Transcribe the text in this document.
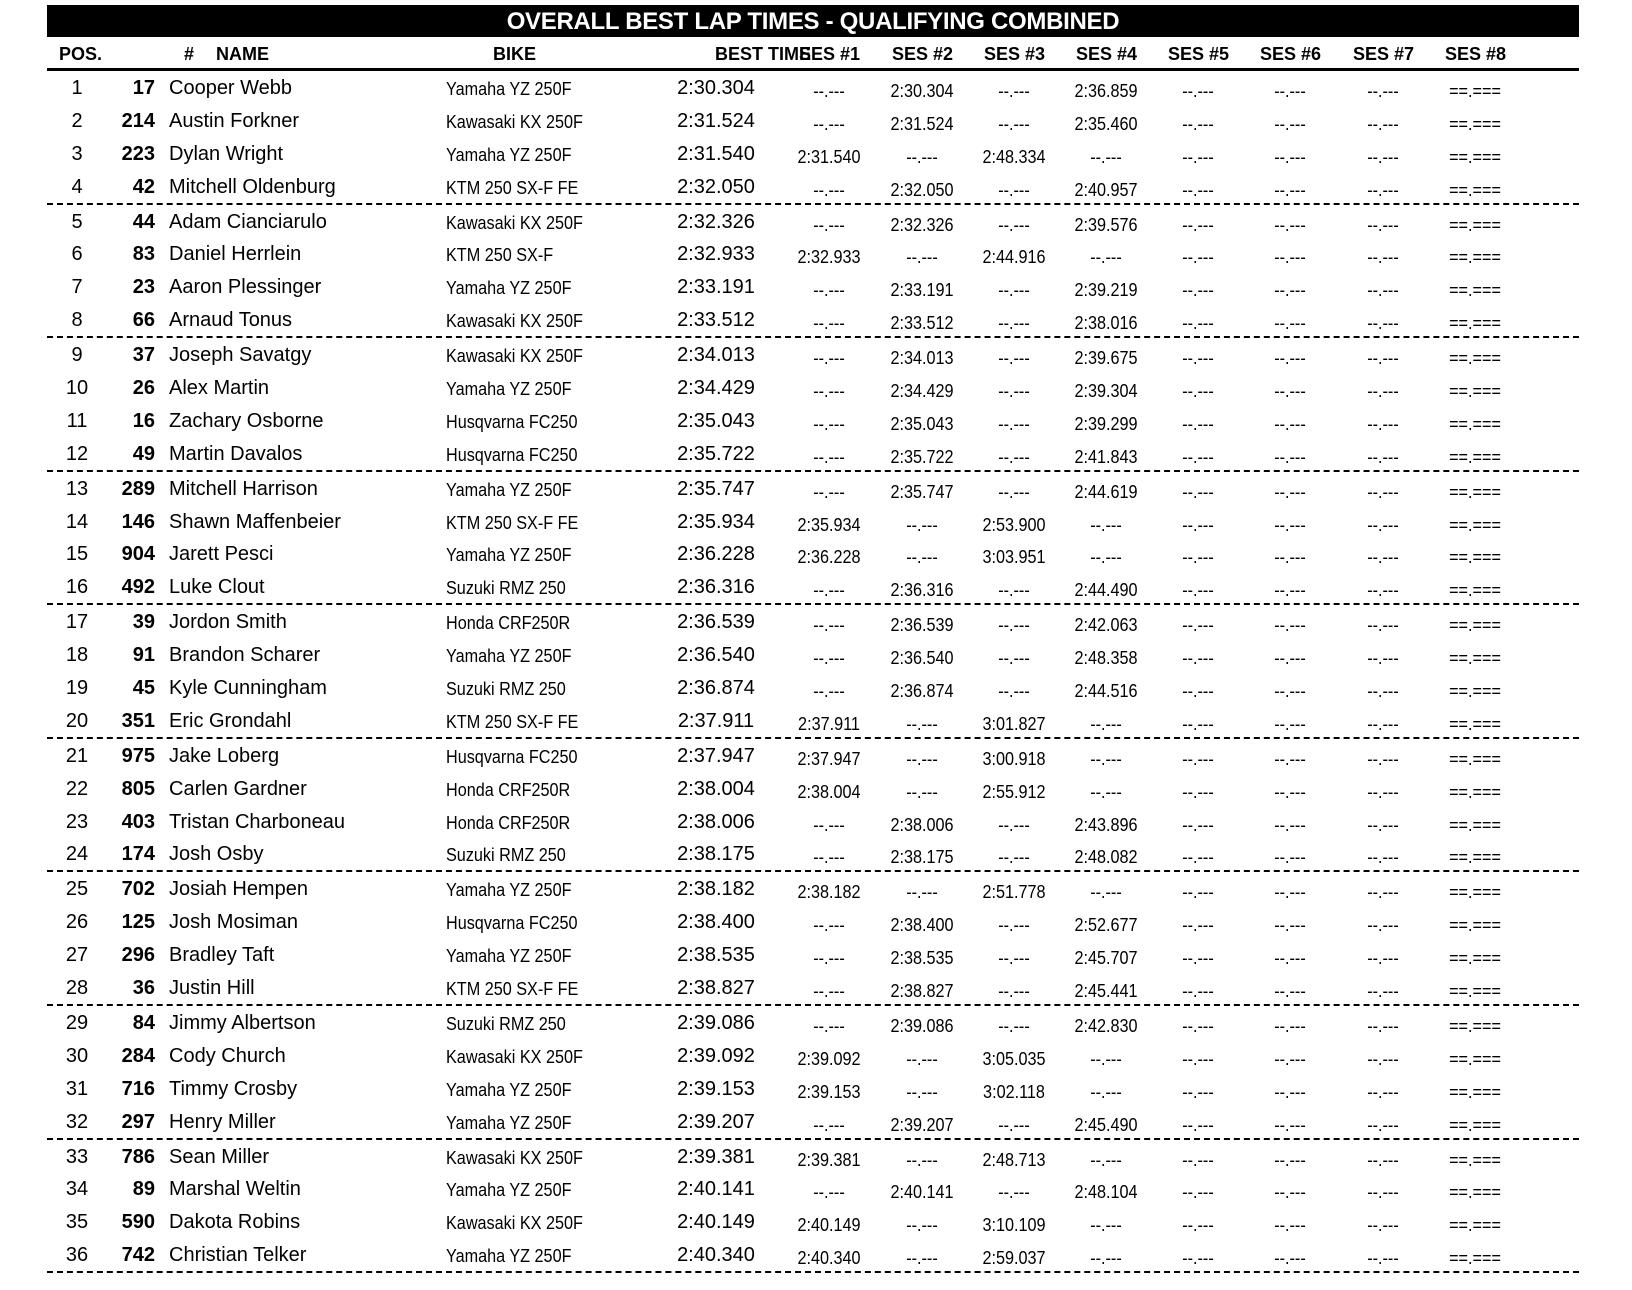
OVERALL BEST LAP TIMES - QUALIFYING COMBINED
POS.	# NAME	BIKE	BEST TIME
SES #1 SES #2 SES #3 SES #4 SES #5 SES #6 SES #7 SES #8
1	17 Cooper Webb	Yamaha YZ 250F	2:30.304	--.---	2:30.304	--.---	2:36.859	--.---	--.---	--.---	==.===
2	214 Austin Forkner	Kawasaki KX 250F	2:31.524	--.---	2:31.524	--.---	2:35.460	--.---	--.---	--.---	==.===
3	223 Dylan Wright	Yamaha YZ 250F	2:31.540	2:31.540	--.---	2:48.334	--.---	--.---	--.---	--.---	==.===
4	42 Mitchell Oldenburg	KTM 250 SX-F FE	2:32.050	--.---	2:32.050	--.---	2:40.957	--.---	--.---	--.---	==.===
5	44 Adam Cianciarulo	Kawasaki KX 250F	2:32.326	--.---	2:32.326	--.---	2:39.576	--.---	--.---	--.---	==.===
6	83 Daniel Herrlein	KTM 250 SX-F	2:32.933	2:32.933	--.---	2:44.916	--.---	--.---	--.---	--.---	==.===
7	23 Aaron Plessinger	Yamaha YZ 250F	2:33.191	--.---	2:33.191	--.---	2:39.219	--.---	--.---	--.---	==.===
8	66 Arnaud Tonus	Kawasaki KX 250F	2:33.512	--.---	2:33.512	--.---	2:38.016	--.---	--.---	--.---	==.===
9	37 Joseph Savatgy	Kawasaki KX 250F	2:34.013	--.---	2:34.013	--.---	2:39.675	--.---	--.---	--.---	==.===
10	26 Alex Martin	Yamaha YZ 250F	2:34.429	--.---	2:34.429	--.---	2:39.304	--.---	--.---	--.---	==.===
11	16 Zachary Osborne	Husqvarna FC250	2:35.043	--.---	2:35.043	--.---	2:39.299	--.---	--.---	--.---	==.===
12	49 Martin Davalos	Husqvarna FC250	2:35.722	--.---	2:35.722	--.---	2:41.843	--.---	--.---	--.---	==.===
13	289 Mitchell Harrison	Yamaha YZ 250F	2:35.747	--.---	2:35.747	--.---	2:44.619	--.---	--.---	--.---	==.===
14	146 Shawn Maffenbeier	KTM 250 SX-F FE	2:35.934	2:35.934	--.---	2:53.900	--.---	--.---	--.---	--.---	==.===
15	904 Jarett Pesci	Yamaha YZ 250F	2:36.228	2:36.228	--.---	3:03.951	--.---	--.---	--.---	--.---	==.===
16	492 Luke Clout	Suzuki RMZ 250	2:36.316	--.---	2:36.316	--.---	2:44.490	--.---	--.---	--.---	==.===
17	39 Jordon Smith	Honda CRF250R	2:36.539	--.---	2:36.539	--.---	2:42.063	--.---	--.---	--.---	==.===
18	91 Brandon Scharer	Yamaha YZ 250F	2:36.540	--.---	2:36.540	--.---	2:48.358	--.---	--.---	--.---	==.===
19	45 Kyle Cunningham	Suzuki RMZ 250	2:36.874	--.---	2:36.874	--.---	2:44.516	--.---	--.---	--.---	==.===
20	351 Eric Grondahl	KTM 250 SX-F FE	2:37.911	2:37.911	--.---	3:01.827	--.---	--.---	--.---	--.---	==.===
21	975 Jake Loberg	Husqvarna FC250	2:37.947	2:37.947	--.---	3:00.918	--.---	--.---	--.---	--.---	==.===
22	805 Carlen Gardner	Honda CRF250R	2:38.004	2:38.004	--.---	2:55.912	--.---	--.---	--.---	--.---	==.===
23	403 Tristan Charboneau	Honda CRF250R	2:38.006	--.---	2:38.006	--.---	2:43.896	--.---	--.---	--.---	==.===
24	174 Josh Osby	Suzuki RMZ 250	2:38.175	--.---	2:38.175	--.---	2:48.082	--.---	--.---	--.---	==.===
25	702 Josiah Hempen	Yamaha YZ 250F	2:38.182	2:38.182	--.---	2:51.778	--.---	--.---	--.---	--.---	==.===
26	125 Josh Mosiman	Husqvarna FC250	2:38.400	--.---	2:38.400	--.---	2:52.677	--.---	--.---	--.---	==.===
27	296 Bradley Taft	Yamaha YZ 250F	2:38.535	--.---	2:38.535	--.---	2:45.707	--.---	--.---	--.---	==.===
28	36 Justin Hill	KTM 250 SX-F FE	2:38.827	--.---	2:38.827	--.---	2:45.441	--.---	--.---	--.---	==.===
29	84 Jimmy Albertson	Suzuki RMZ 250	2:39.086	--.---	2:39.086	--.---	2:42.830	--.---	--.---	--.---	==.===
30	284 Cody Church	Kawasaki KX 250F	2:39.092	2:39.092	--.---	3:05.035	--.---	--.---	--.---	--.---	==.===
31	716 Timmy Crosby	Yamaha YZ 250F	2:39.153	2:39.153	--.---	3:02.118	--.---	--.---	--.---	--.---	==.===
32	297 Henry Miller	Yamaha YZ 250F	2:39.207	--.---	2:39.207	--.---	2:45.490	--.---	--.---	--.---	==.===
33	786 Sean Miller	Kawasaki KX 250F	2:39.381	2:39.381	--.---	2:48.713	--.---	--.---	--.---	--.---	==.===
34	89 Marshal Weltin	Yamaha YZ 250F	2:40.141	--.---	2:40.141	--.---	2:48.104	--.---	--.---	--.---	==.===
35	590 Dakota Robins	Kawasaki KX 250F	2:40.149	2:40.149	--.---	3:10.109	--.---	--.---	--.---	--.---	==.===
36	742 Christian Telker	Yamaha YZ 250F	2:40.340	2:40.340	--.---	2:59.037	--.---	--.---	--.---	--.---	==.===
